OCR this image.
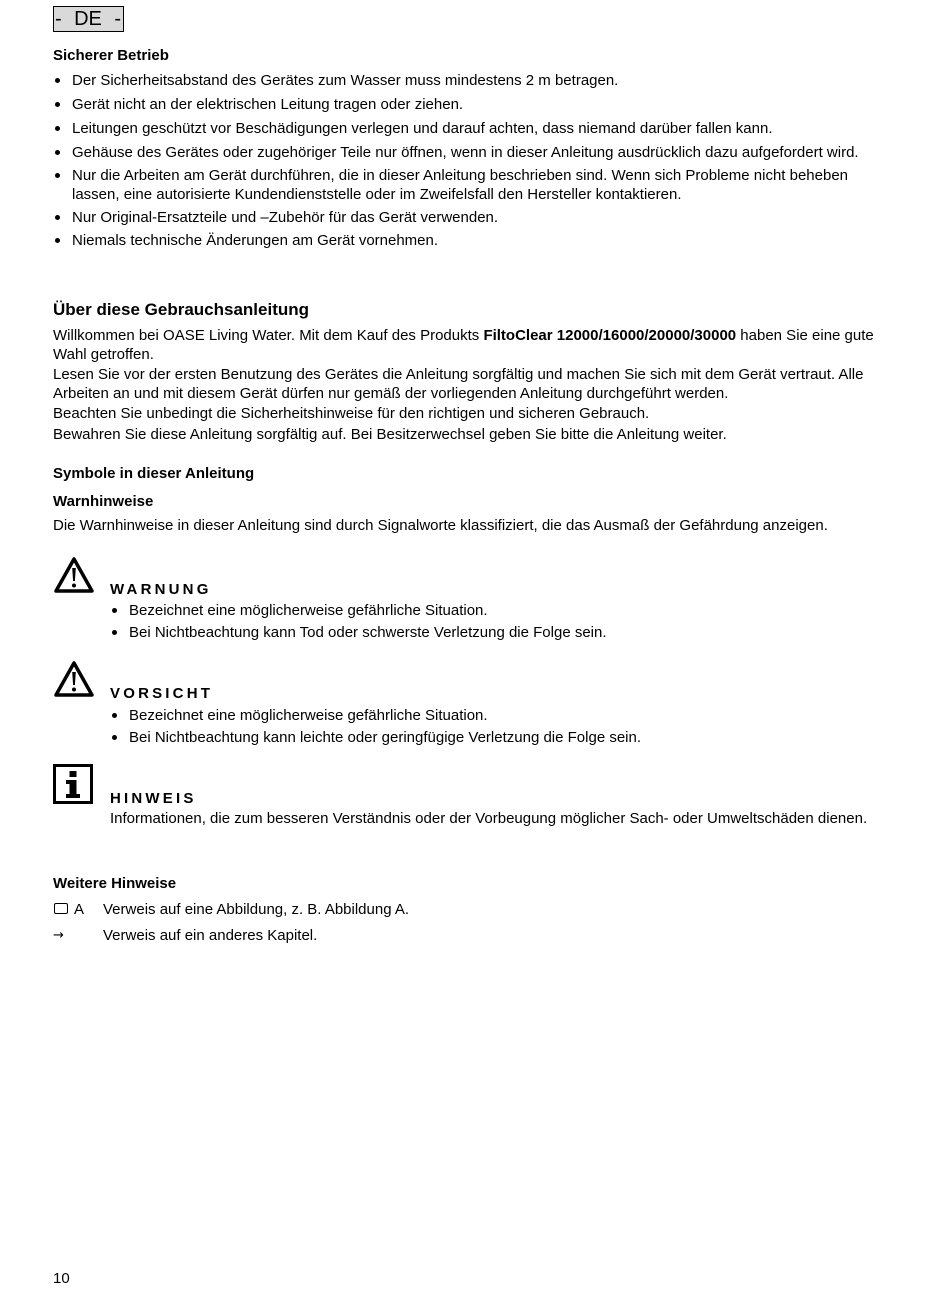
- DE -
Sicherer Betrieb
Der Sicherheitsabstand des Gerätes zum Wasser muss mindestens 2 m betragen.
Gerät nicht an der elektrischen Leitung tragen oder ziehen.
Leitungen geschützt vor Beschädigungen verlegen und darauf achten, dass niemand darüber fallen kann.
Gehäuse des Gerätes oder zugehöriger Teile nur öffnen, wenn in dieser Anleitung ausdrücklich dazu aufgefordert wird.
Nur die Arbeiten am Gerät durchführen, die in dieser Anleitung beschrieben sind. Wenn sich Probleme nicht beheben lassen, eine autorisierte Kundendienststelle oder im Zweifelsfall den Hersteller kontaktieren.
Nur Original-Ersatzteile und –Zubehör für das Gerät verwenden.
Niemals technische Änderungen am Gerät vornehmen.
Über diese Gebrauchsanleitung
Willkommen bei OASE Living Water. Mit dem Kauf des Produkts FiltoClear 12000/16000/20000/30000 haben Sie eine gute Wahl getroffen.
Lesen Sie vor der ersten Benutzung des Gerätes die Anleitung sorgfältig und machen Sie sich mit dem Gerät vertraut. Alle Arbeiten an und mit diesem Gerät dürfen nur gemäß der vorliegenden Anleitung durchgeführt werden.
Beachten Sie unbedingt die Sicherheitshinweise für den richtigen und sicheren Gebrauch.
Bewahren Sie diese Anleitung sorgfältig auf. Bei Besitzerwechsel geben Sie bitte die Anleitung weiter.
Symbole in dieser Anleitung
Warnhinweise
Die Warnhinweise in dieser Anleitung sind durch Signalworte klassifiziert, die das Ausmaß der Gefährdung anzeigen.
WARNUNG
Bezeichnet eine möglicherweise gefährliche Situation.
Bei Nichtbeachtung kann Tod oder schwerste Verletzung die Folge sein.
VORSICHT
Bezeichnet eine möglicherweise gefährliche Situation.
Bei Nichtbeachtung kann leichte oder geringfügige Verletzung die Folge sein.
HINWEIS
Informationen, die zum besseren Verständnis oder der Vorbeugung möglicher Sach- oder Umweltschäden dienen.
Weitere Hinweise
A Verweis auf eine Abbildung, z. B. Abbildung A.
→	Verweis auf ein anderes Kapitel.
10
